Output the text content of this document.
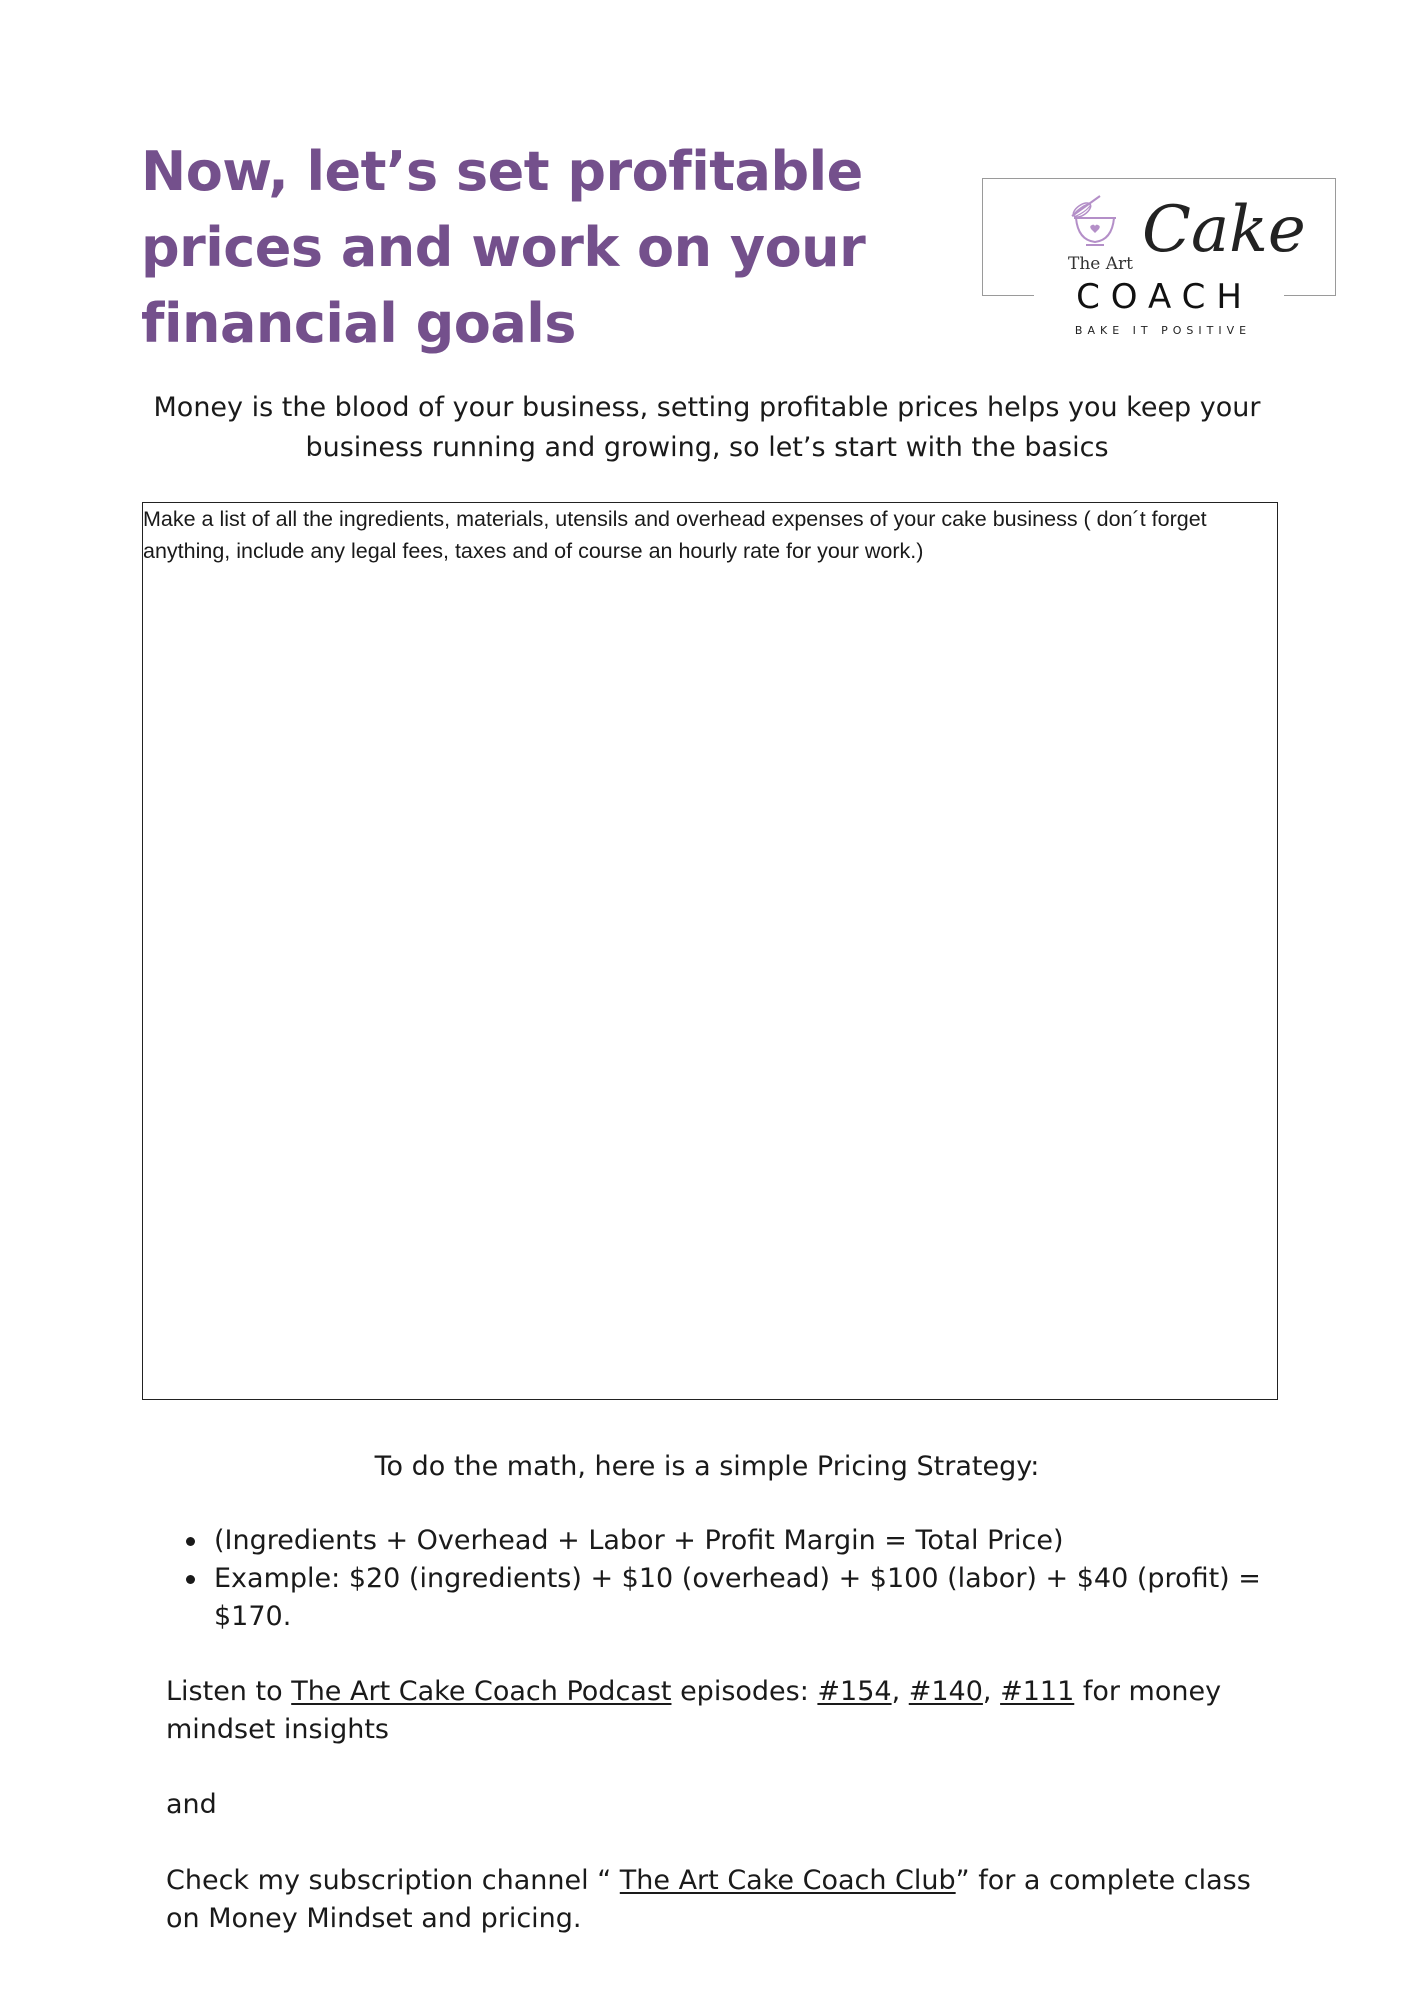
Now, let’s set profitable
prices and work on your
financial goals
The Art Cake
COACH
BAKE IT POSITIVE

Money is the blood of your business, setting profitable prices helps you keep your business running and growing, so let’s start with the basics

Make a list of all the ingredients, materials, utensils and overhead expenses of your cake business ( don´t forget anything, include any legal fees, taxes and of course an hourly rate for your work.)

To do the math, here is a simple Pricing Strategy:

(Ingredients + Overhead + Labor + Profit Margin = Total Price)
Example: $20 (ingredients) + $10 (overhead) + $100 (labor) + $40 (profit) = $170.

Listen to The Art Cake Coach Podcast episodes: #154, #140, #111 for money mindset insights

and

Check my subscription channel “ The Art Cake Coach Club” for a complete class on Money Mindset and pricing.
